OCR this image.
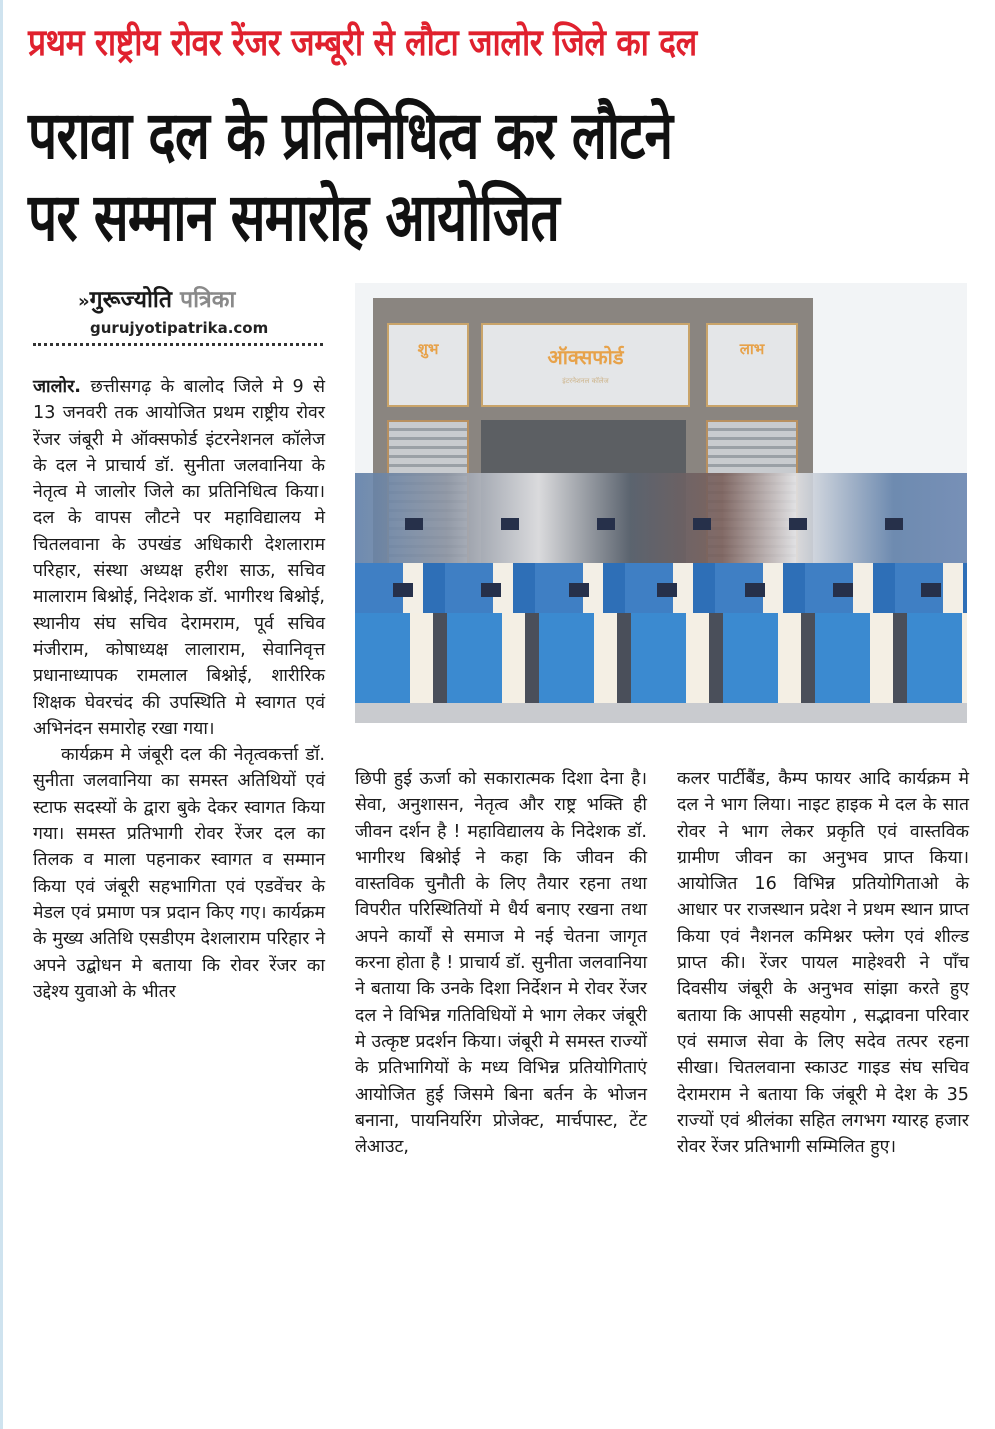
प्रथम राष्ट्रीय रोवर रेंजर जम्बूरी से लौटा जालोर जिले का दल
परावा दल के प्रतिनिधित्व कर लौटने
पर सम्मान समारोह आयोजित
»गुरूज्योति पत्रिका
gurujyotipatrika.com
शुभ	ऑक्सफोर्ड
इंटरनेशनल कॉलेज
लाभ

जालोर. छत्तीसगढ़ के बालोद जिले मे 9 से 13 जनवरी तक आयोजित प्रथम राष्ट्रीय रोवर रेंजर जंबूरी मे ऑक्सफोर्ड इंटरनेशनल कॉलेज के दल ने प्राचार्य डॉ. सुनीता जलवानिया के नेतृत्व मे जालोर जिले का प्रतिनिधित्व किया। दल के वापस लौटने पर महाविद्यालय मे चितलवाना के उपखंड अधिकारी देशलाराम परिहार, संस्था अध्यक्ष हरीश साऊ, सचिव मालाराम बिश्नोई, निदेशक डॉ. भागीरथ बिश्नोई, स्थानीय संघ सचिव देरामराम, पूर्व सचिव मंजीराम, कोषाध्यक्ष लालाराम, सेवानिवृत्त प्रधानाध्यापक रामलाल बिश्नोई, शारीरिक शिक्षक घेवरचंद की उपस्थिति मे स्वागत एवं अभिनंदन समारोह रखा गया।

कार्यक्रम मे जंबूरी दल की नेतृत्वकर्त्ता डॉ. सुनीता जलवानिया का समस्त अतिथियों एवं स्टाफ सदस्यों के द्वारा बुके देकर स्वागत किया गया। समस्त प्रतिभागी रोवर रेंजर दल का तिलक व माला पहनाकर स्वागत व सम्मान किया एवं जंबूरी सहभागिता एवं एडवेंचर के मेडल एवं प्रमाण पत्र प्रदान किए गए। कार्यक्रम के मुख्य अतिथि एसडीएम देशलाराम परिहार ने अपने उद्बोधन मे बताया कि रोवर रेंजर का उद्देश्य युवाओ के भीतर

छिपी हुई ऊर्जा को सकारात्मक दिशा देना है। सेवा, अनुशासन, नेतृत्व और राष्ट्र भक्ति ही जीवन दर्शन है ! महाविद्यालय के निदेशक डॉ. भागीरथ बिश्नोई ने कहा कि जीवन की वास्तविक चुनौती के लिए तैयार रहना तथा विपरीत परिस्थितियों मे धैर्य बनाए रखना तथा अपने कार्यों से समाज मे नई चेतना जागृत करना होता है ! प्राचार्य डॉ. सुनीता जलवानिया ने बताया कि उनके दिशा निर्देशन मे रोवर रेंजर दल ने विभिन्न गतिविधियों मे भाग लेकर जंबूरी मे उत्कृष्ट प्रदर्शन किया। जंबूरी मे समस्त राज्यों के प्रतिभागियों के मध्य विभिन्न प्रतियोगिताएं आयोजित हुई जिसमे बिना बर्तन के भोजन बनाना, पायनियरिंग प्रोजेक्ट, मार्चपास्ट, टेंट लेआउट,

कलर पार्टीबैंड, कैम्प फायर आदि कार्यक्रम मे दल ने भाग लिया। नाइट हाइक मे दल के सात रोवर ने भाग लेकर प्रकृति एवं वास्तविक ग्रामीण जीवन का अनुभव प्राप्त किया। आयोजित 16 विभिन्न प्रतियोगिताओ के आधार पर राजस्थान प्रदेश ने प्रथम स्थान प्राप्त किया एवं नैशनल कमिश्नर फ्लेग एवं शील्ड प्राप्त की। रेंजर पायल माहेश्वरी ने पाँच दिवसीय जंबूरी के अनुभव सांझा करते हुए बताया कि आपसी सहयोग , सद्भावना परिवार एवं समाज सेवा के लिए सदेव तत्पर रहना सीखा। चितलवाना स्काउट गाइड संघ सचिव देरामराम ने बताया कि जंबूरी मे देश के 35 राज्यों एवं श्रीलंका सहित लगभग ग्यारह हजार रोवर रेंजर प्रतिभागी सम्मिलित हुए।
